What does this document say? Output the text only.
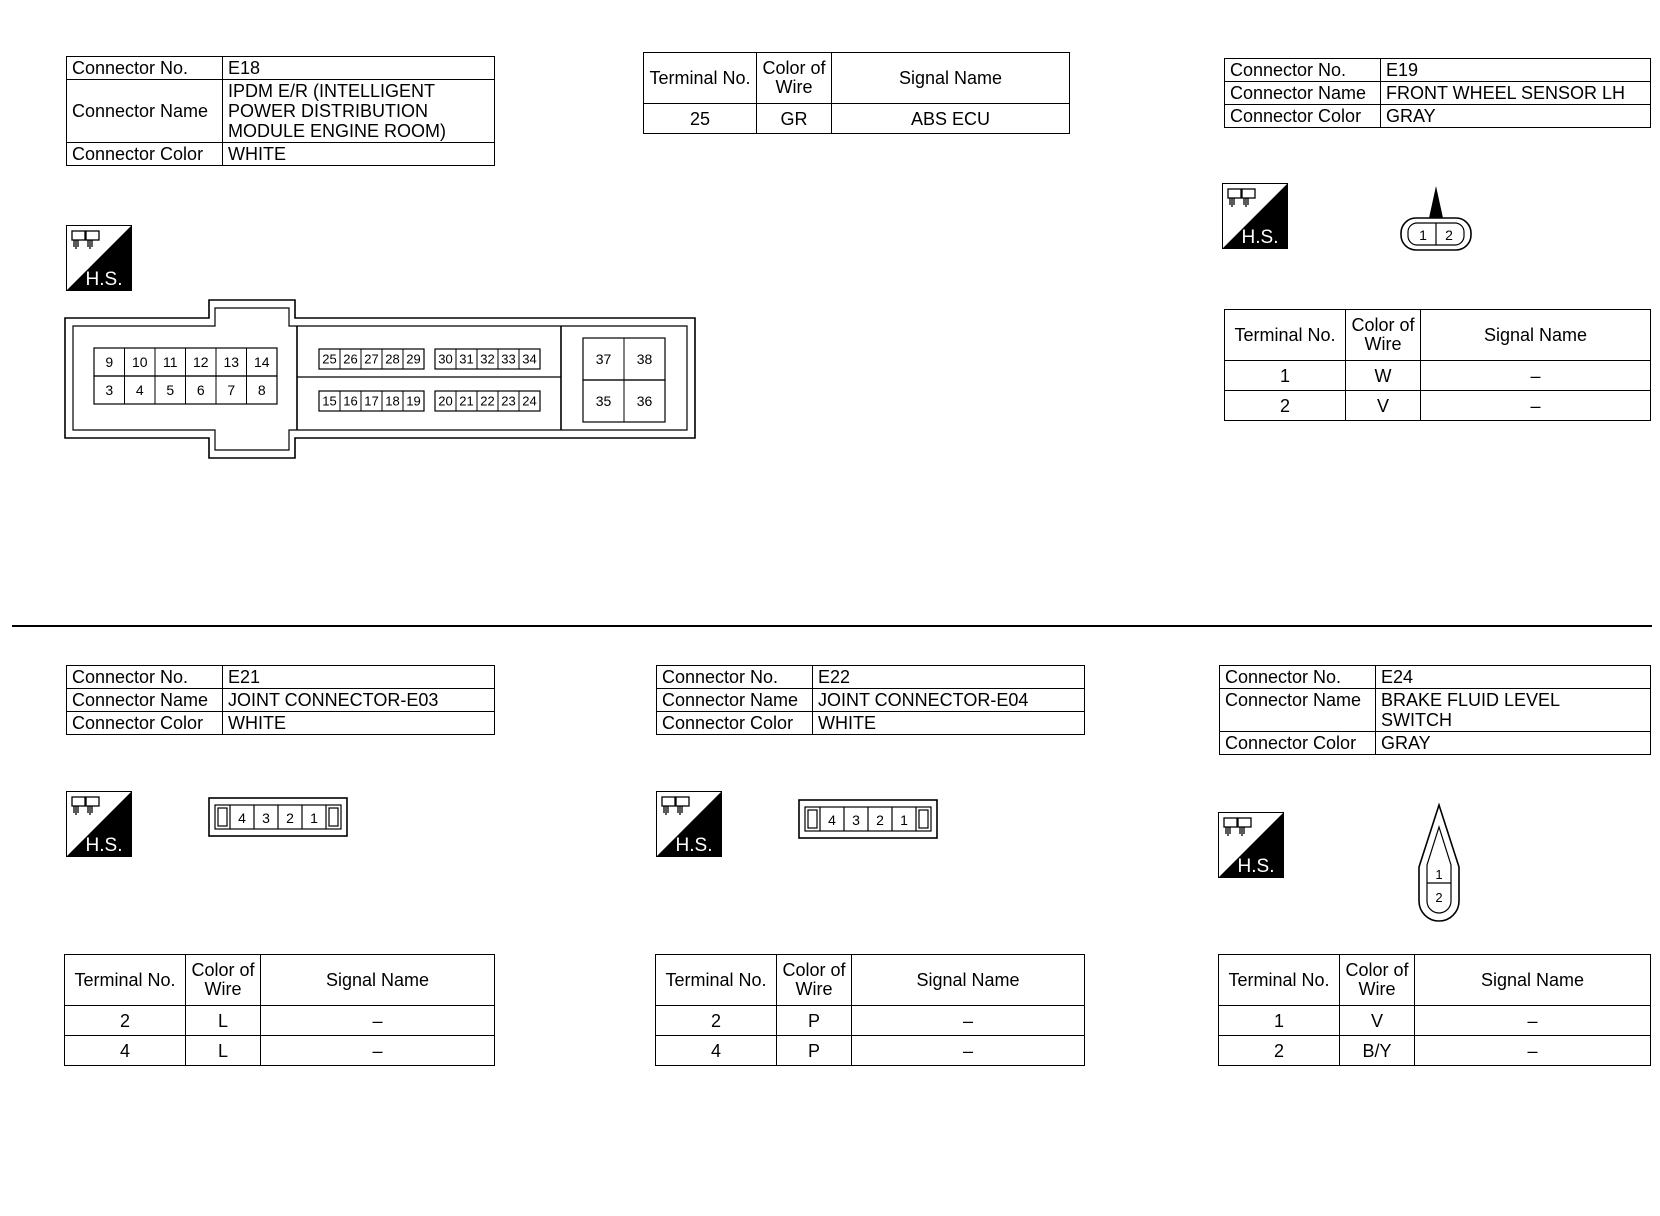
Connector No.	E18

Connector Name	IPDM E/R (INTELLIGENT
POWER DISTRIBUTION
MODULE ENGINE ROOM)

Connector Color	WHITE
H.S.
9 10 11 12 13 14
3 4 5 6 7 8
25 26 27 28 29 30 31 32 33 34
15 16 17 18 19 20 21 22 23 24
37 38
35 36
Terminal No.	Color of Wire	Signal Name
25	GR	ABS ECU
Connector No.	E19

Connector Name	FRONT WHEEL SENSOR LH

Connector Color	GRAY
H.S.	1 2
Terminal No.	Color of Wire	Signal Name
1	W	–
2	V	–
Connector No.	E21

Connector Name	JOINT CONNECTOR-E03

Connector Color	WHITE
H.S.
4 3 2 1
Terminal No.	Color of Wire	Signal Name
2	L	–
4	L	–
Connector No.	E22

Connector Name	JOINT CONNECTOR-E04

Connector Color	WHITE
H.S.
4 3 2 1
Terminal No.	Color of Wire	Signal Name
2	P	–
4	P	–
Connector No.	E24

Connector Name	BRAKE FLUID LEVEL
SWITCH

Connector Color	GRAY
H.S.	1
2
Terminal No.	Color of Wire	Signal Name
1	V	–
2	B/Y	–
